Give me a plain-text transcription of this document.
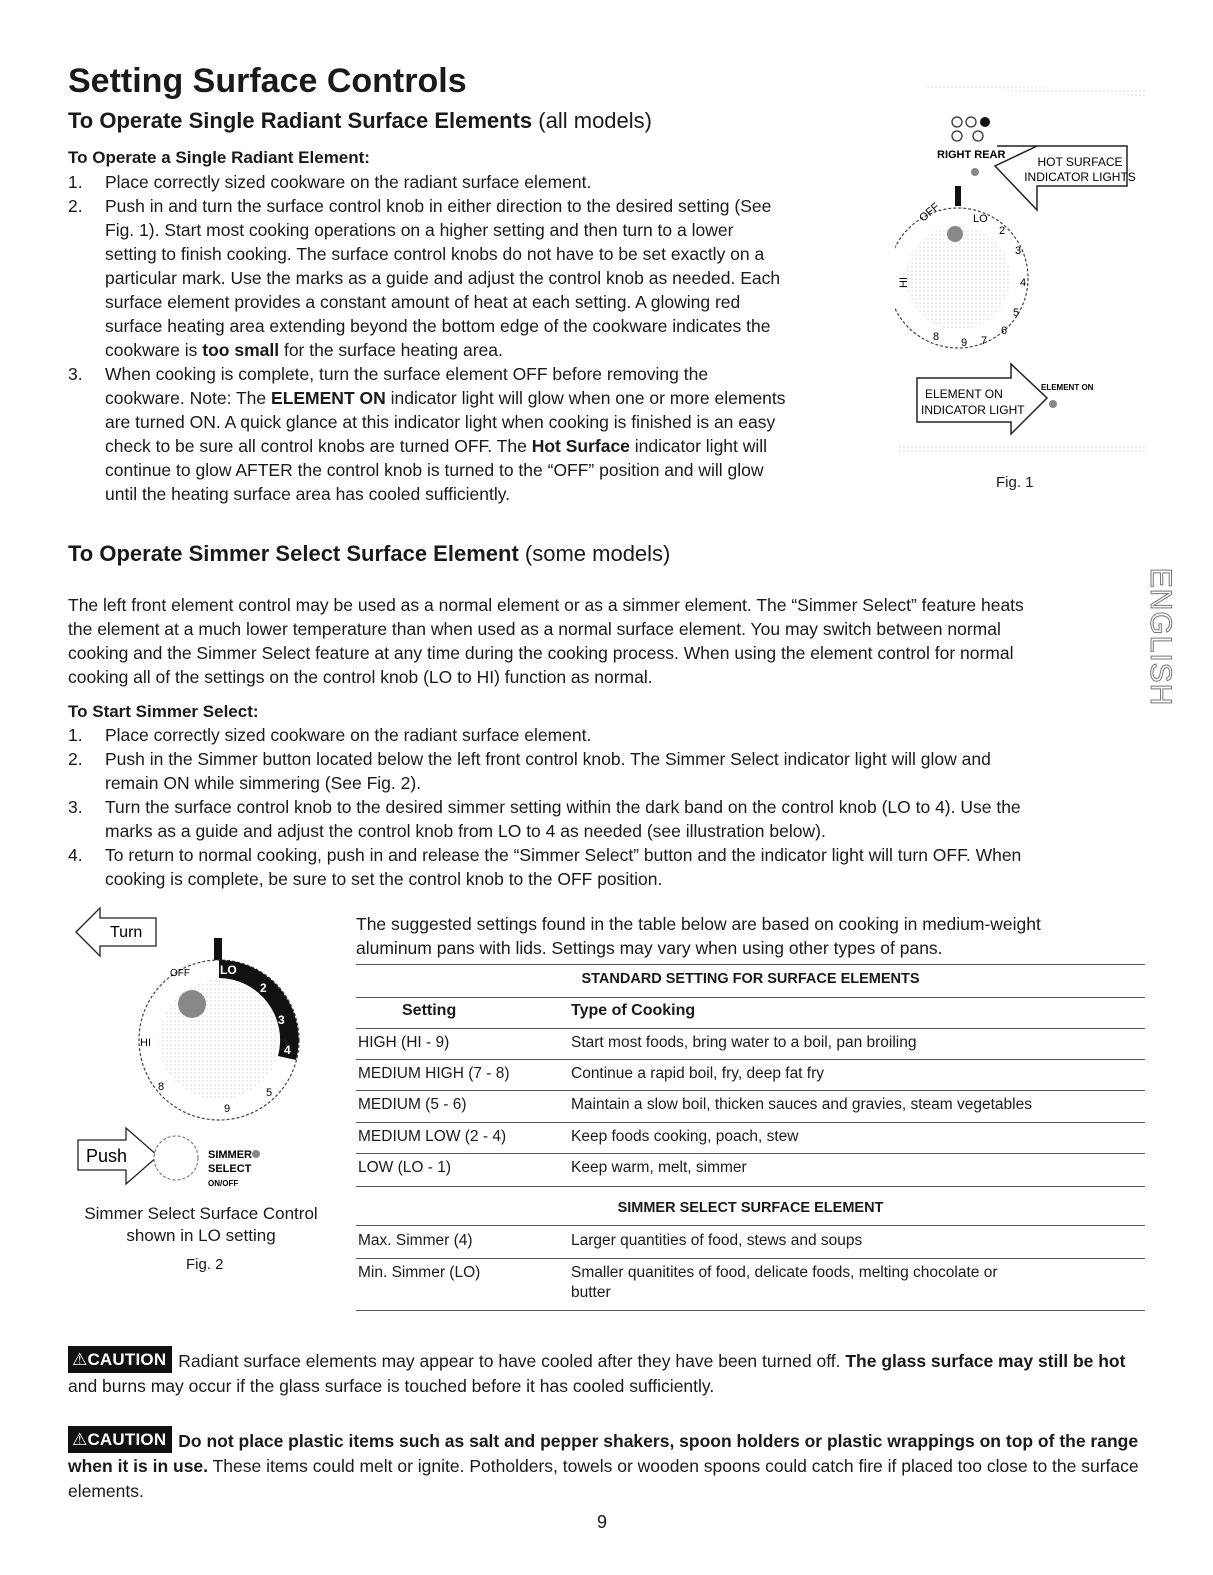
Setting Surface Controls
To Operate Single Radiant Surface Elements (all models)
To Operate a Single Radiant Element:
1. Place correctly sized cookware on the radiant surface element.
2. Push in and turn the surface control knob in either direction to the desired setting (See
Fig. 1). Start most cooking operations on a higher setting and then turn to a lower
setting to finish cooking. The surface control knobs do not have to be set exactly on a
particular mark. Use the marks as a guide and adjust the control knob as needed. Each
surface element provides a constant amount of heat at each setting. A glowing red
surface heating area extending beyond the bottom edge of the cookware indicates the
cookware is too small for the surface heating area.
3. When cooking is complete, turn the surface element OFF before removing the
cookware. Note: The ELEMENT ON indicator light will glow when one or more elements
are turned ON. A quick glance at this indicator light when cooking is finished is an easy
check to be sure all control knobs are turned OFF. The Hot Surface indicator light will
continue to glow AFTER the control knob is turned to the “OFF” position and will glow
until the heating surface area has cooled sufficiently.
RIGHT REAR	HOT SURFACE
INDICATOR LIGHTS
OFF	LO
2
3
4
5
6
7
8 9
HI
ELEMENT ON
INDICATOR LIGHT
ELEMENT ON
Fig. 1
To Operate Simmer Select Surface Element (some models)
The left front element control may be used as a normal element or as a simmer element. The “Simmer Select” feature heats
the element at a much lower temperature than when used as a normal surface element. You may switch between normal
cooking and the Simmer Select feature at any time during the cooking process. When using the element control for normal
cooking all of the settings on the control knob (LO to HI) function as normal.
To Start Simmer Select:
1. Place correctly sized cookware on the radiant surface element.
2. Push in the Simmer button located below the left front control knob. The Simmer Select indicator light will glow and
remain ON while simmering (See Fig. 2).
3. Turn the surface control knob to the desired simmer setting within the dark band on the control knob (LO to 4). Use the
marks as a guide and adjust the control knob from LO to 4 as needed (see illustration below).
4. To return to normal cooking, push in and release the “Simmer Select” button and the indicator light will turn OFF. When
cooking is complete, be sure to set the control knob to the OFF position.
Turn
LO
2
3
4
5
9
8
OFF
HI
Push	SIMMER
SELECT
ON/OFF
Simmer Select Surface Control
shown in LO setting
Fig. 2
The suggested settings found in the table below are based on cooking in medium-weight
aluminum pans with lids. Settings may vary when using other types of pans.
STANDARD SETTING FOR SURFACE ELEMENTS
Setting	Type of Cooking
HIGH (HI - 9)	Start most foods, bring water to a boil, pan broiling
MEDIUM HIGH (7 - 8)	Continue a rapid boil, fry, deep fat fry
MEDIUM (5 - 6)	Maintain a slow boil, thicken sauces and gravies, steam vegetables
MEDIUM LOW (2 - 4)	Keep foods cooking, poach, stew
LOW (LO - 1)	Keep warm, melt, simmer
SIMMER SELECT SURFACE ELEMENT
Max. Simmer (4)	Larger quantities of food, stews and soups
Min. Simmer (LO)	Smaller quanitites of food, delicate foods, melting chocolate or
butter
⚠CAUTION Radiant surface elements may appear to have cooled after they have been turned off. The glass surface may still be hot and burns may occur if the glass surface is touched before it has cooled sufficiently.
⚠CAUTION Do not place plastic items such as salt and pepper shakers, spoon holders or plastic wrappings on top of the range when it is in use. These items could melt or ignite. Potholders, towels or wooden spoons could catch fire if placed too close to the surface elements.
ENGLISH
9
